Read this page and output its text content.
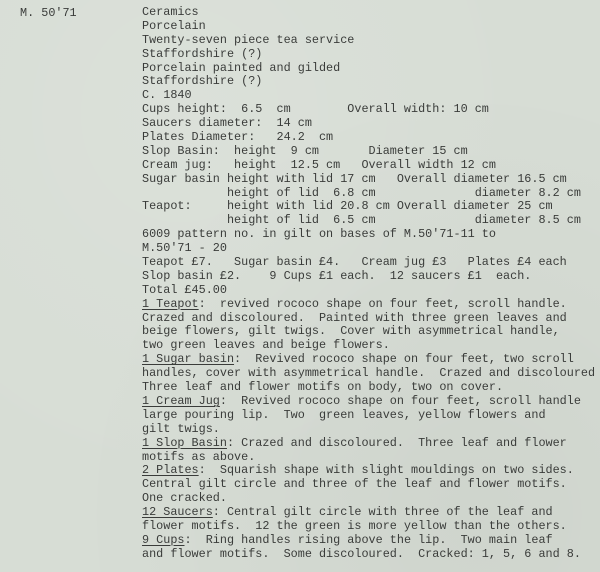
M. 50'71	Ceramics
Porcelain
Twenty-seven piece tea service
Staffordshire (?)
Porcelain painted and gilded
Staffordshire (?)
C. 1840
Cups height:  6.5  cm        Overall width: 10 cm
Saucers diameter:  14 cm
Plates Diameter:   24.2  cm
Slop Basin:  height  9 cm       Diameter 15 cm
Cream jug:   height  12.5 cm   Overall width 12 cm
Sugar basin height with lid 17 cm   Overall diameter 16.5 cm
height of lid  6.8 cm              diameter 8.2 cm
Teapot:     height with lid 20.8 cm Overall diameter 25 cm
height of lid  6.5 cm              diameter 8.5 cm
6009 pattern no. in gilt on bases of M.50'71-11 to
M.50'71 - 20
Teapot £7.   Sugar basin £4.   Cream jug £3   Plates £4 each
Slop basin £2.    9 Cups £1 each.  12 saucers £1  each.
Total £45.00
1 Teapot:  revived rococo shape on four feet, scroll handle.
Crazed and discoloured.  Painted with three green leaves and
beige flowers, gilt twigs.  Cover with asymmetrical handle,
two green leaves and beige flowers.
1 Sugar basin:  Revived rococo shape on four feet, two scroll
handles, cover with asymmetrical handle.  Crazed and discoloured
Three leaf and flower motifs on body, two on cover.
1 Cream Jug:  Revived rococo shape on four feet, scroll handle
large pouring lip.  Two  green leaves, yellow flowers and
gilt twigs.
1 Slop Basin: Crazed and discoloured.  Three leaf and flower
motifs as above.
2 Plates:  Squarish shape with slight mouldings on two sides.
Central gilt circle and three of the leaf and flower motifs.
One cracked.
12 Saucers: Central gilt circle with three of the leaf and
flower motifs.  12 the green is more yellow than the others.
9 Cups:  Ring handles rising above the lip.  Two main leaf
and flower motifs.  Some discoloured.  Cracked: 1, 5, 6 and 8.
